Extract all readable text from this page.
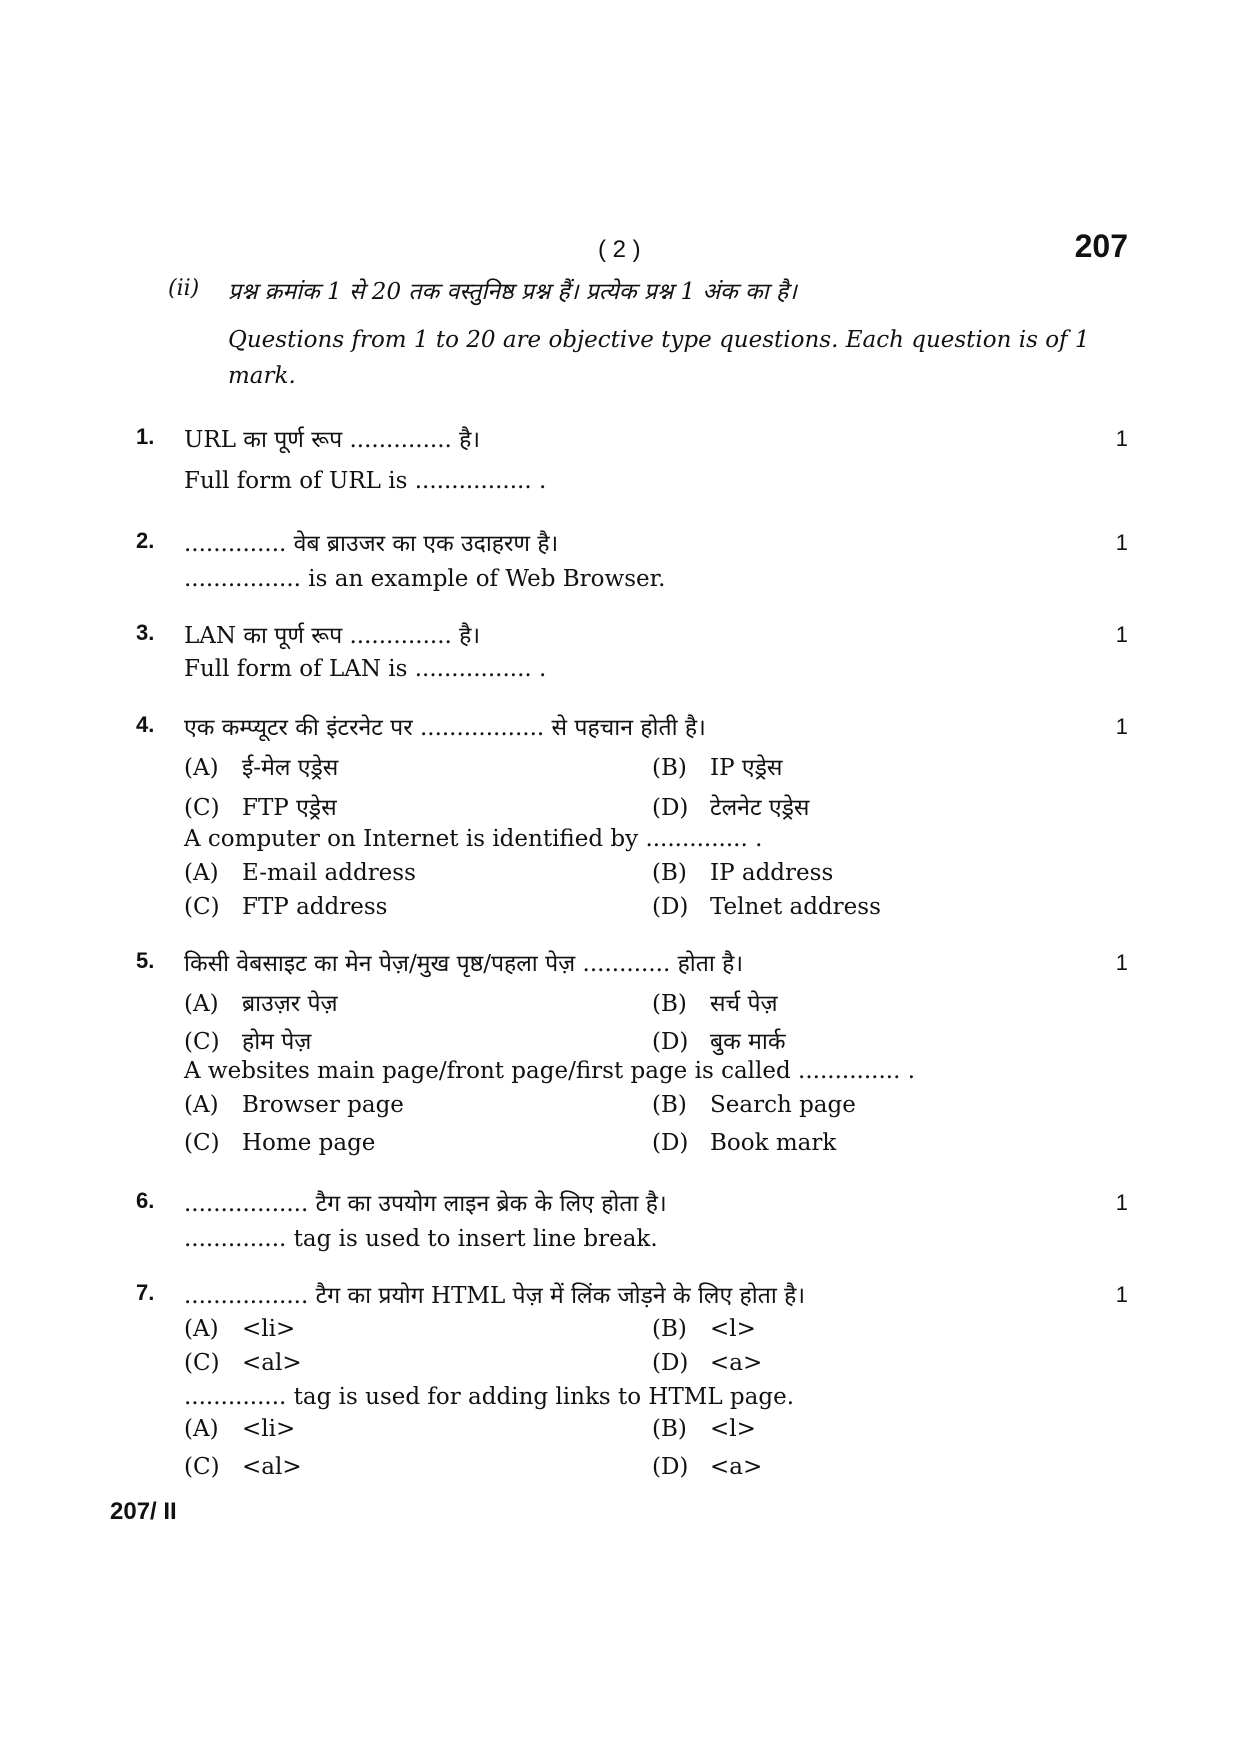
( 2 )	207
(ii) प्रश्न क्रमांक 1 से 20 तक वस्तुनिष्ठ प्रश्न हैं। प्रत्येक प्रश्न 1 अंक का है।
Questions from 1 to 20 are objective type questions. Each question is of 1 mark.
1. URL का पूर्ण रूप .............. है।	1
Full form of URL is ................ .
2. .............. वेब ब्राउजर का एक उदाहरण है।	1
................ is an example of Web Browser.
3. LAN का पूर्ण रूप .............. है।	1
Full form of LAN is ................ .
4. एक कम्प्यूटर की इंटरनेट पर ................. से पहचान होती है।	1
(A) ई-मेल एड्रेस	(B) IP एड्रेस
(C) FTP एड्रेस	(D) टेलनेट एड्रेस
A computer on Internet is identified by .............. .
(A) E-mail address	(B) IP address
(C) FTP address	(D) Telnet address
5. किसी वेबसाइट का मेन पेज़/मुख पृष्ठ/पहला पेज़ ............ होता है।	1
(A) ब्राउज़र पेज़	(B) सर्च पेज़
(C) होम पेज़	(D) बुक मार्क
A websites main page/front page/first page is called .............. .
(A) Browser page	(B) Search page
(C) Home page	(D) Book mark
6. ................. टैग का उपयोग लाइन ब्रेक के लिए होता है।	1
.............. tag is used to insert line break.
7. ................. टैग का प्रयोग HTML पेज़ में लिंक जोड़ने के लिए होता है।	1
(A) <li>	(B) <l>
(C) <al>	(D) <a>
.............. tag is used for adding links to HTML page.
(A) <li>	(B) <l>
(C) <al>	(D) <a>
207/ II
